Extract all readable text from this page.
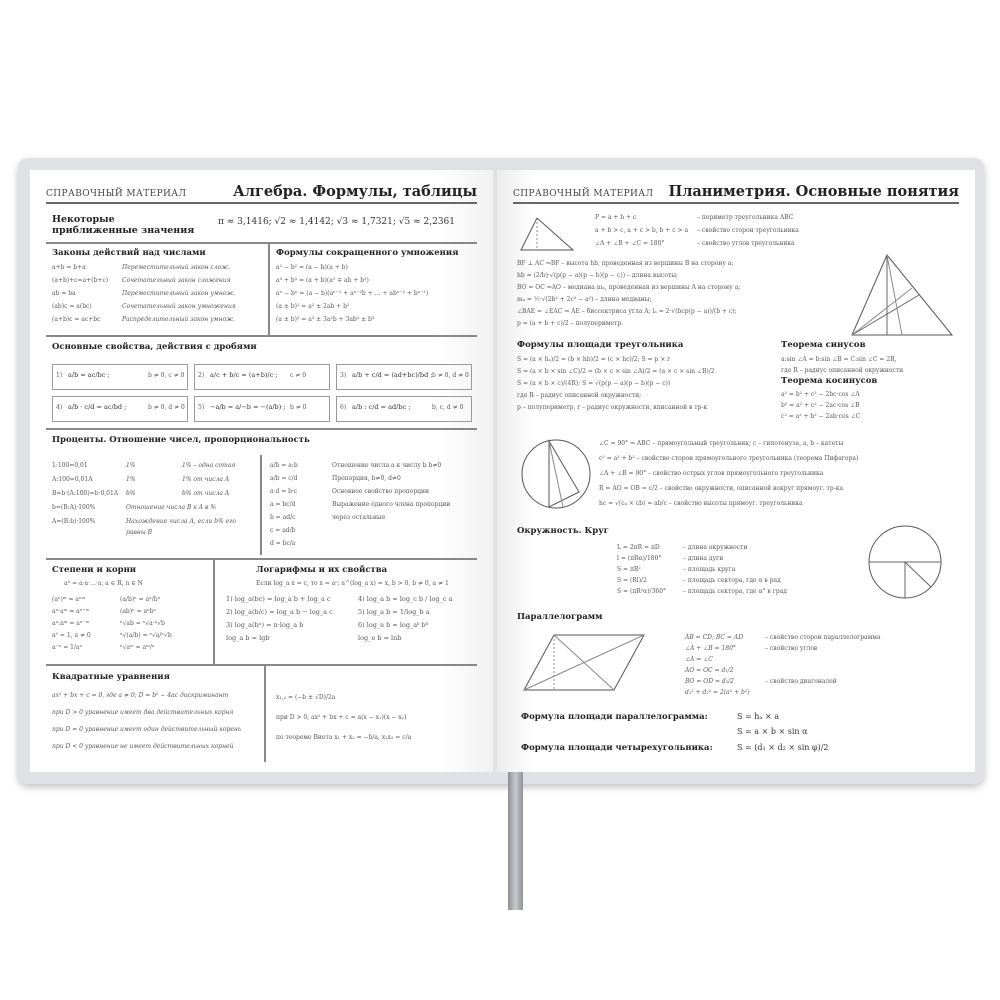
СПРАВОЧНЫЙ МАТЕРИАЛ	Алгебра. Формулы, таблицы
Некоторые приближенные значения
π ≈ 3,1416; √2 ≈ 1,4142; √3 ≈ 1,7321; √5 ≈ 2,2361
Законы действий над числами
a+b = b+a	Переместительный закон слож.
(a+b)+c=a+(b+c) Сочетательный закон сложения
ab = ba	Переместительный закон умнож.
(ab)c = a(bc)	Сочетательный закон умножения
(a+b)c = ac+bc	Распределительный закон умнож.
Формулы сокращенного умножения
a² − b² = (a − b)(a + b)
a³ + b³ = (a + b)(a² ∓ ab + b²)
aⁿ − bⁿ = (a − b)(aⁿ⁻¹ + aⁿ⁻²b + … + abⁿ⁻² + bⁿ⁻¹)
(a ± b)² = a² ± 2ab + b²
(a ± b)³ = a³ ± 3a²b + 3ab² ± b³
Основные свойства, действия с дробями
1) a/b = ac/bc ;	b ≠ 0, c ≠ 0 2) a/c + b/c = (a+b)/c ; c ≠ 0	3) a/b + c/d = (ad+bc)/bd ; b ≠ 0, d ≠ 0
4) a/b · c/d = ac/bd ;	b ≠ 0, d ≠ 0 5) −a/b = a/−b = −(a/b) ; b ≠ 0	6) a/b : c/d = ad/bc ;	b, c, d ≠ 0
Проценты. Отношение чисел, пропорциональность
1:100=0,01	1%	1% – одна сотая
A:100=0,01A	1%	1% от числа A
B=b·(A:100)=b·0,01A b%	b% от числа A
b=(B:A)·100%	Отношение числа B к A в %
A=(B:b)·100%	Нахождение числа A, если b% его равны B
a/b = a:b	Отношение числа a к числу b b≠0
a/b = c/d	Пропорция, b≠0, d≠0
a·d = b·c	Основное свойство пропорции
a = bc/d	Выражение одного члена пропорции
b = ad/c	через остальные
c = ad/b
d = bc/a
Степени и корни
aⁿ = a·a·…·a, a ∈ R, n ∈ N
(aⁿ)ᵐ = aⁿᵐ	(a/b)ⁿ = aⁿ/bⁿ
aⁿ·aᵐ = aⁿ⁺ᵐ	(ab)ⁿ = aⁿbⁿ
aⁿ:aᵐ = aⁿ⁻ᵐ	ⁿ√ab = ⁿ√a·ⁿ√b
a⁰ = 1, a ≠ 0	ⁿ√(a/b) = ⁿ√a/ⁿ√b
a⁻ⁿ = 1/aⁿ	ⁿ√aᵐ = aᵐ/ⁿ
Логарифмы и их свойства
Если log_a x = c, то x = aᶜ; a^(log_a x) = x, b > 0, b ≠ 0, a ≠ 1
1) log_a(bc) = log_a b + log_a c	4) log_a b = log_c b / log_c a
2) log_a(b/c) = log_a b − log_a c	5) log_a b = 1/log_b a
3) log_a(bⁿ) = n·log_a b	6) log_a b = log_aᵏ bᵏ
log_a b = lgb	log_e b = lnb
Квадратные уравнения
ax² + bx + c = 0, где a ≠ 0; D = b² − 4ac дискриминант
при D > 0 уравнение имеет два действительных корня
при D = 0 уравнение имеет один действительный корень
при D < 0 уравнение не имеет действительных корней
x₁,₂ = (−b ± √D)/2a
при D > 0, ax² + bx + c = a(x − x₁)(x − x₂)
по теореме Виета x₁ + x₂ = −b/a, x₁x₂ = c/a
СПРАВОЧНЫЙ МАТЕРИАЛ Планиметрия. Основные понятия
P = a + b + c	– периметр треугольника ABC
a + b > c, a + c > b, b + c > a – свойство сторон треугольника
∠A + ∠B + ∠C = 180°	– свойство углов треугольника
BF ⊥ AC ⇒BF – высота hb, проведенная из вершины B на сторону a;
hb = (2/b)·√(p(p − a)(p − b)(p − c)) – длина высоты;
BO = OC ⇒AO – медиана mₐ, проведенная из вершины A на сторону a;
mₐ = ½·√(2b² + 2c² − a²) – длина медианы;
∠BAE = ∠EAC ⇒ AE – биссектриса угла A; lₐ = 2·√(bcp(p − a))/(b + c);
p = (a + b + c)/2 – полупериметр.
Формулы площади треугольника
S = (a × hₐ)/2 = (b × hb)/2 = (c × hc)/2; S = p × r
S = (a × b × sin ∠C)/2 = (b × c × sin ∠A)/2 = (a × c × sin ∠B)/2
S = (a × b × c)/(4R); S = √(p(p − a)(p − b)(p − c))
где R – радиус описанной окружности;
p – полупериметр, r – радиус окружности, вписанной в тр-к
Теорема синусов
a:sin ∠A = b:sin ∠B = C:sin ∠C = 2R,
где R – радиус описанной окружности
Теорема косинусов
a² = b² + c² − 2bc·cos ∠A
b² = a² + c² − 2ac·cos ∠B
c² = a² + b² − 2ab·cos ∠C
∠C = 90° ⇒ ABC – прямоугольный треугольник; c – гипотенуза, a, b – катеты
c² = a² + b² – свойство сторон прямоугольного треугольника (теорема Пифагора)
∠A + ∠B = 90° – свойство острых углов прямоугольного треугольника
R = AO = OB = c/2 – свойство окружности, описанной вокруг прямоуг. тр-ка
hc = √(cₐ × cb) = ab/c – свойство высоты прямоуг. треугольника
Окружность. Круг
L = 2πR = πD	– длина окружности
l = (πRα)/180°	– длина дуги
S = πR²	– площадь круга
S = (Rl)/2	– площадь сектора, где α в рад
S = (πR²α)/360°	– площадь сектора, где α° в град
Параллелограмм
AB = CD; BC = AD	– свойство сторон параллелограмма
∠A + ∠B = 180°	– свойство углов
∠A = ∠C
AO = OC = d₁/2
BO = OD = d₂/2	– свойство диагоналей
d₁² + d₂² = 2(a² + b²)
Формула площади параллелограмма:	S = hₐ × a
S = a × b × sin α
Формула площади четырехугольника:	S = (d₁ × d₂ × sin φ)/2
